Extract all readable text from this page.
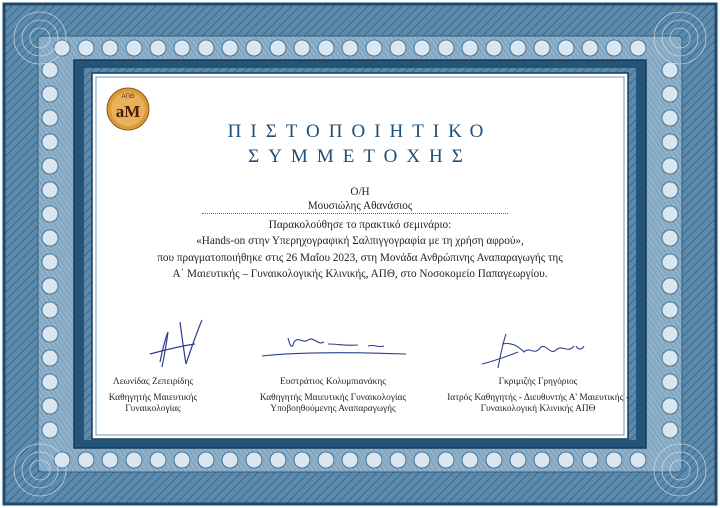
ΑΠΘ
aM
ΠΙΣΤΟΠΟΙΗΤΙΚΟ
ΣΥΜΜΕΤΟΧΗΣ
Ο/Η
Μουσιώλης Αθανάσιος
Παρακολούθησε το πρακτικό σεμινάριο:
«Hands-on στην Υπερηχογραφική Σαλπιγγογραφία με τη χρήση αφρού»,
που πραγματοποιήθηκε στις 26 Μαΐου 2023, στη Μονάδα Ανθρώπινης Αναπαραγωγής της
Α΄ Μαιευτικής – Γυναικολογικής Κλινικής, ΑΠΘ, στο Νοσοκομείο Παπαγεωργίου.
Λεωνίδας Ζεπειρίδης
Καθηγητής Μαιευτικής
Γυναικολογίας
Ευστράτιος Κολυμπιανάκης
Καθηγητής Μαιευτικής Γυναικολογίας
Υποβοηθούμενης Αναπαραγωγής
Γκριμιζής Γρηγόριος
Ιατρός Καθηγητής - Διευθυντής Α' Μαιευτικής -
Γυναικολογική Κλινικής ΑΠΘ
